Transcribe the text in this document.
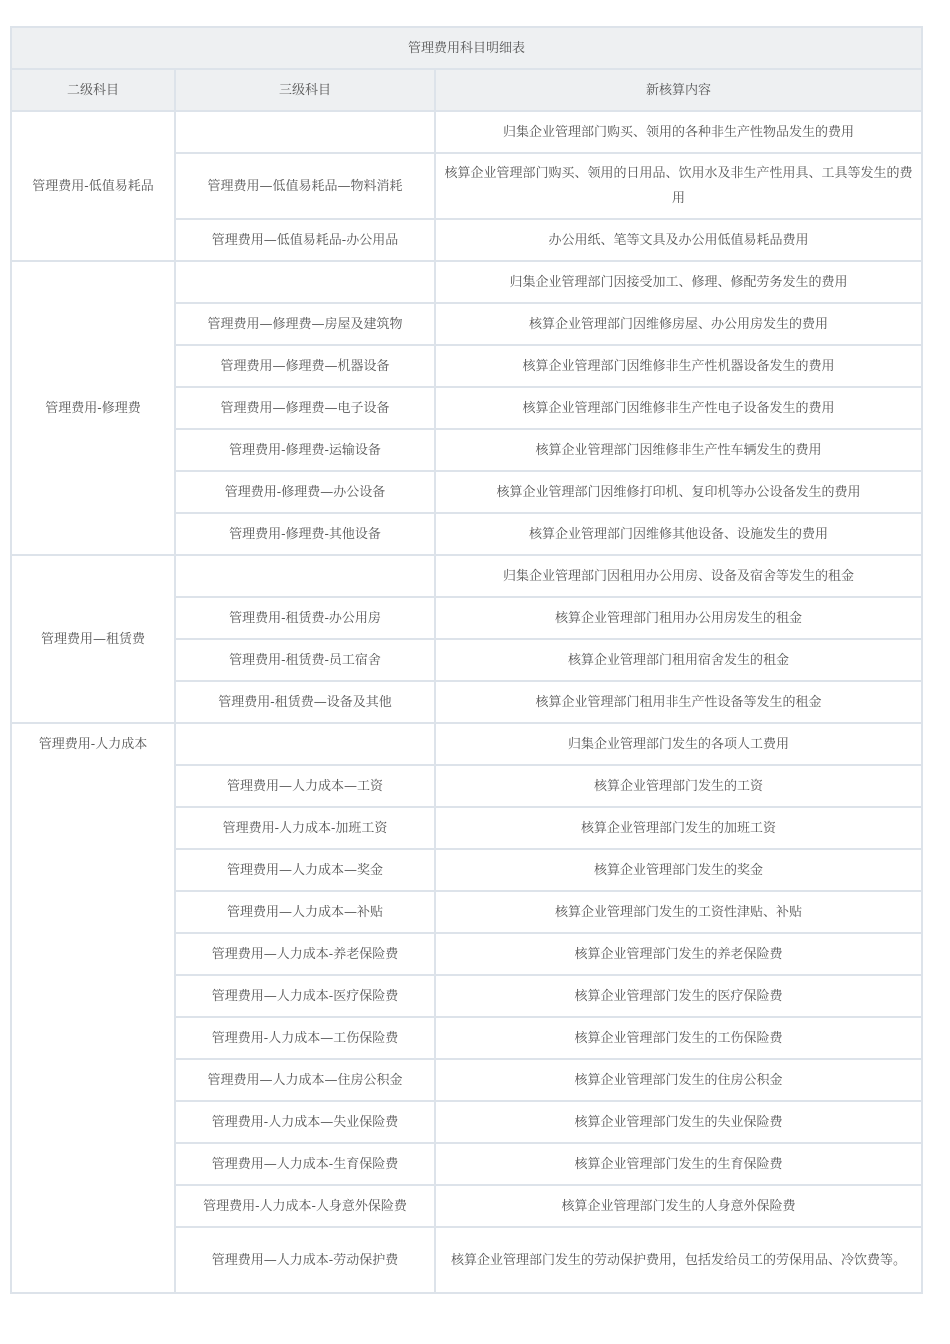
管理费用科目明细表		
二级科目	三级科目	新核算内容
管理费用-低值易耗品		归集企业管理部门购买、领用的各种非生产性物品发生的费用
	管理费用—低值易耗品—物料消耗	核算企业管理部门购买、领用的日用品、饮用水及非生产性用具、工具等发生的费用
	管理费用—低值易耗品-办公用品	办公用纸、笔等文具及办公用低值易耗品费用
管理费用-修理费		归集企业管理部门因接受加工、修理、修配劳务发生的费用
	管理费用—修理费—房屋及建筑物	核算企业管理部门因维修房屋、办公用房发生的费用
	管理费用—修理费—机器设备	核算企业管理部门因维修非生产性机器设备发生的费用
	管理费用—修理费—电子设备	核算企业管理部门因维修非生产性电子设备发生的费用
	管理费用-修理费-运输设备	核算企业管理部门因维修非生产性车辆发生的费用
	管理费用-修理费—办公设备	核算企业管理部门因维修打印机、复印机等办公设备发生的费用
	管理费用-修理费-其他设备	核算企业管理部门因维修其他设备、设施发生的费用
管理费用—租赁费		归集企业管理部门因租用办公用房、设备及宿舍等发生的租金
	管理费用-租赁费-办公用房	核算企业管理部门租用办公用房发生的租金
	管理费用-租赁费-员工宿舍	核算企业管理部门租用宿舍发生的租金
	管理费用-租赁费—设备及其他	核算企业管理部门租用非生产性设备等发生的租金
管理费用-人力成本		归集企业管理部门发生的各项人工费用
	管理费用—人力成本—工资	核算企业管理部门发生的工资
	管理费用-人力成本-加班工资	核算企业管理部门发生的加班工资
	管理费用—人力成本—奖金	核算企业管理部门发生的奖金
	管理费用—人力成本—补贴	核算企业管理部门发生的工资性津贴、补贴
	管理费用—人力成本-养老保险费	核算企业管理部门发生的养老保险费
	管理费用—人力成本-医疗保险费	核算企业管理部门发生的医疗保险费
	管理费用-人力成本—工伤保险费	核算企业管理部门发生的工伤保险费
	管理费用—人力成本—住房公积金	核算企业管理部门发生的住房公积金
	管理费用-人力成本—失业保险费	核算企业管理部门发生的失业保险费
	管理费用—人力成本-生育保险费	核算企业管理部门发生的生育保险费
	管理费用-人力成本-人身意外保险费	核算企业管理部门发生的人身意外保险费
	管理费用—人力成本-劳动保护费	核算企业管理部门发生的劳动保护费用，包括发给员工的劳保用品、冷饮费等。
